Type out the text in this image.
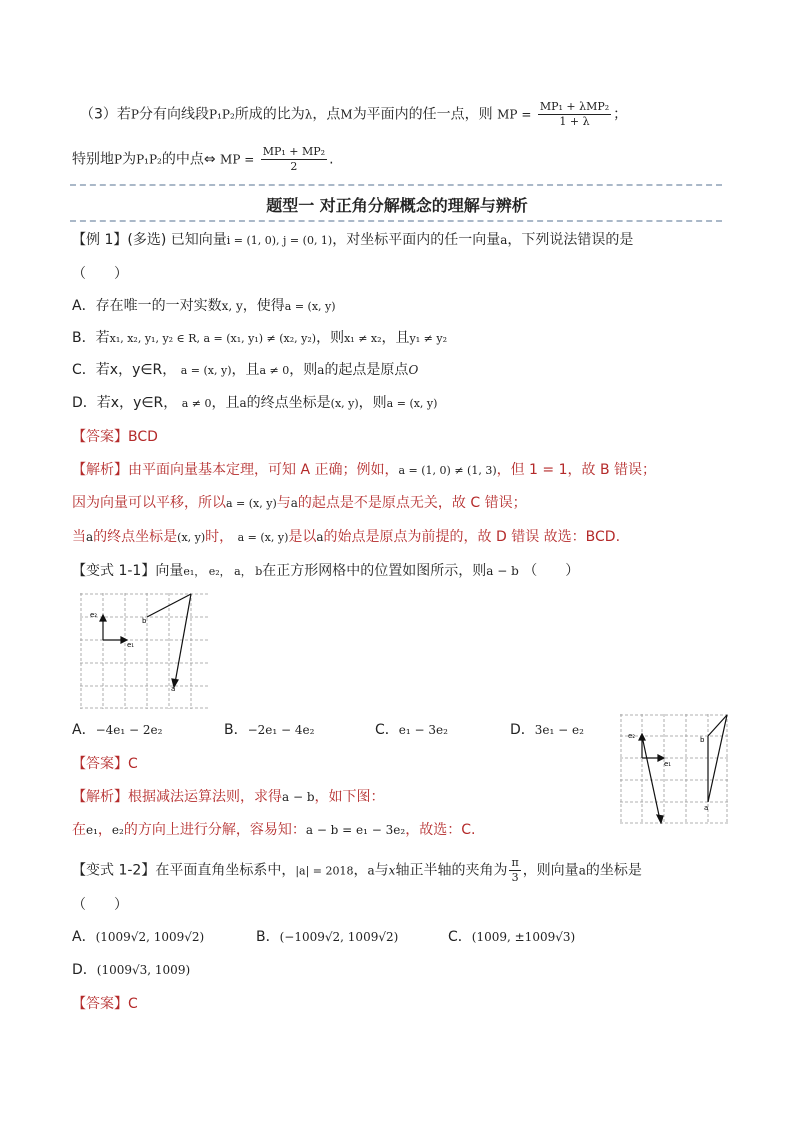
（3）若P分有向线段P₁P₂所成的比为λ，点M为平面内的任一点，则 MP = $\frac{\text{MP₁ + λMP₂}}{1 + \lambda}$ ；
特别地P为P₁P₂的中点⇔ MP = $\frac{\text{MP₁ + MP₂}}{2}$ .
题型一 对正角分解概念的理解与辨析
【例 1】(多选) 已知向量i = (1, 0), j = (0, 1)，对坐标平面内的任一向量a，下列说法错误的是
（　　）
A．存在唯一的一对实数x, y，使得a = (x, y)
B．若x₁, x₂, y₁, y₂ ∈ R, a = (x₁, y₁) ≠ (x₂, y₂)，则x₁ ≠ x₂，且y₁ ≠ y₂
C．若x，y∈R， a = (x, y)，且a ≠ 0，则a的起点是原点O
D．若x，y∈R， a ≠ 0，且a的终点坐标是(x, y)，则a = (x, y)
【答案】BCD
【解析】由平面向量基本定理，可知 A 正确；例如，a = (1, 0) ≠ (1, 3)，但 1 = 1，故 B 错误；
因为向量可以平移，所以a = (x, y)与a的起点是不是原点无关，故 C 错误；
当a的终点坐标是(x, y)时， a = (x, y)是以a的始点是原点为前提的，故 D 错误 故选：BCD.
【变式 1-1】向量e₁， e₂， a， b在正方形网格中的位置如图所示，则a − b （　　）
e₂
e₁
b
a
A．−4e₁ − 2e₂	B．−2e₁ − 4e₂	C．e₁ − 3e₂	D．3e₁ − e₂	e₂
e₁
b
a
【答案】C
【解析】根据减法运算法则，求得a − b，如下图：
在e₁，e₂的方向上进行分解，容易知：a − b = e₁ − 3e₂，故选：C.
【变式 1-2】在平面直角坐标系中，|a| = 2018，a与x轴正半轴的夹角为 $\frac{\pi}{3}$ ，则向量a的坐标是
（　　）
A．(1009√2, 1009√2)	B．(−1009√2, 1009√2)	C．(1009, ±1009√3)
D．(1009√3, 1009)
【答案】C
